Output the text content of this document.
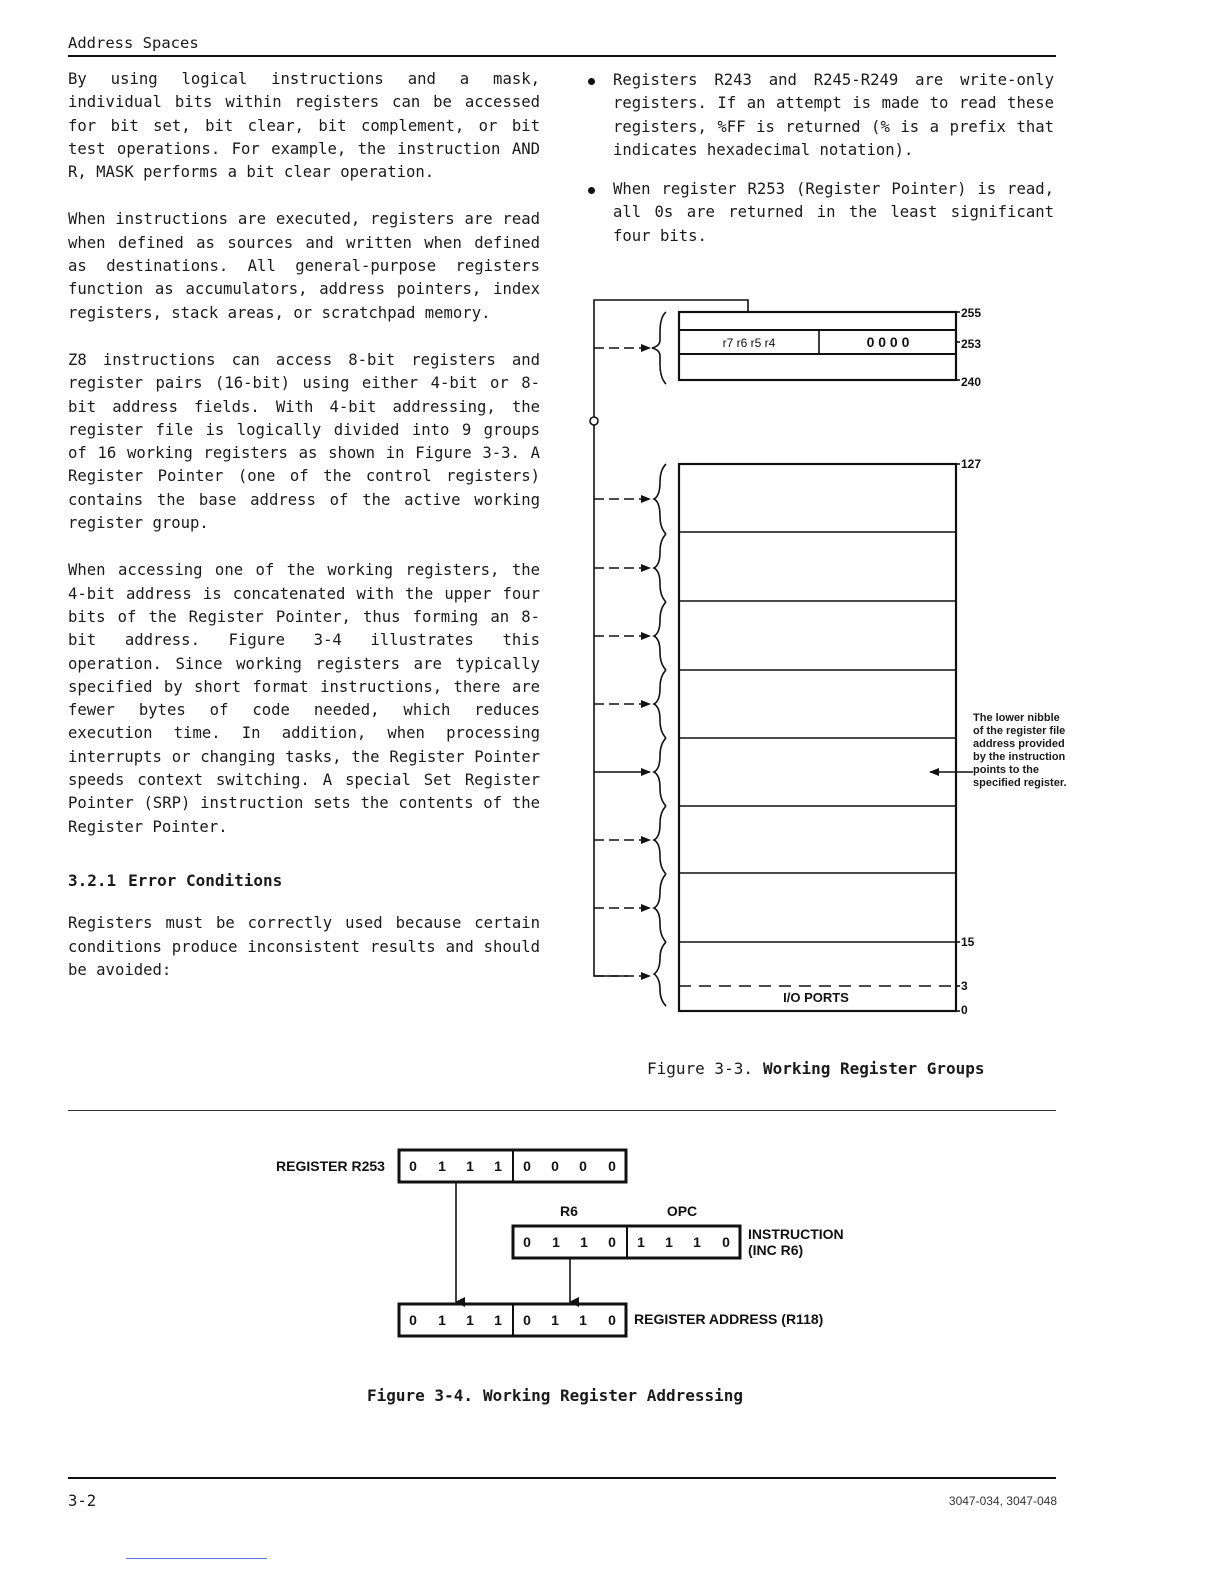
Address Spaces

By using logical instructions and a mask, individual bits within registers can be accessed for bit set, bit clear, bit complement, or bit test operations. For example, the instruction AND R, MASK performs a bit clear operation.

When instructions are executed, registers are read when defined as sources and written when defined as destinations. All general-purpose registers function as accumulators, address pointers, index registers, stack areas, or scratchpad memory.

Z8 instructions can access 8-bit registers and register pairs (16-bit) using either 4-bit or 8-bit address fields. With 4-bit addressing, the register file is logically divided into 9 groups of 16 working registers as shown in Figure 3-3. A Register Pointer (one of the control registers) contains the base address of the active working register group.

When accessing one of the working registers, the 4-bit address is concatenated with the upper four bits of the Register Pointer, thus forming an 8-bit address. Figure 3-4 illustrates this operation. Since working registers are typically specified by short format instructions, there are fewer bytes of code needed, which reduces execution time. In addition, when processing interrupts or changing tasks, the Register Pointer speeds context switching. A special Set Register Pointer (SRP) instruction sets the contents of the Register Pointer.

3.2.1 Error Conditions

Registers must be correctly used because certain conditions produce inconsistent results and should be avoided:

Registers R243 and R245-R249 are write-only registers. If an attempt is made to read these registers, %FF is returned (% is a prefix that indicates hexadecimal notation).
When register R253 (Register Pointer) is read, all 0s are returned in the least significant four bits.
255
253
240
127
15
3
0
r7 r6 r5 r4	0 0 0 0
I/O PORTS
The lower nibble of the register file address provided by the instruction points to the specified register.
Figure 3-3. Working Register Groups
REGISTER R253 0 1 1 1 0 0 0 0
R6	OPC
0 1 1 0 1 1 1 0 INSTRUCTION
(INC R6)
0 1 1 1 0 1 1 0 REGISTER ADDRESS (R118)
Figure 3-4. Working Register Addressing
3-2	3047-034, 3047-048
